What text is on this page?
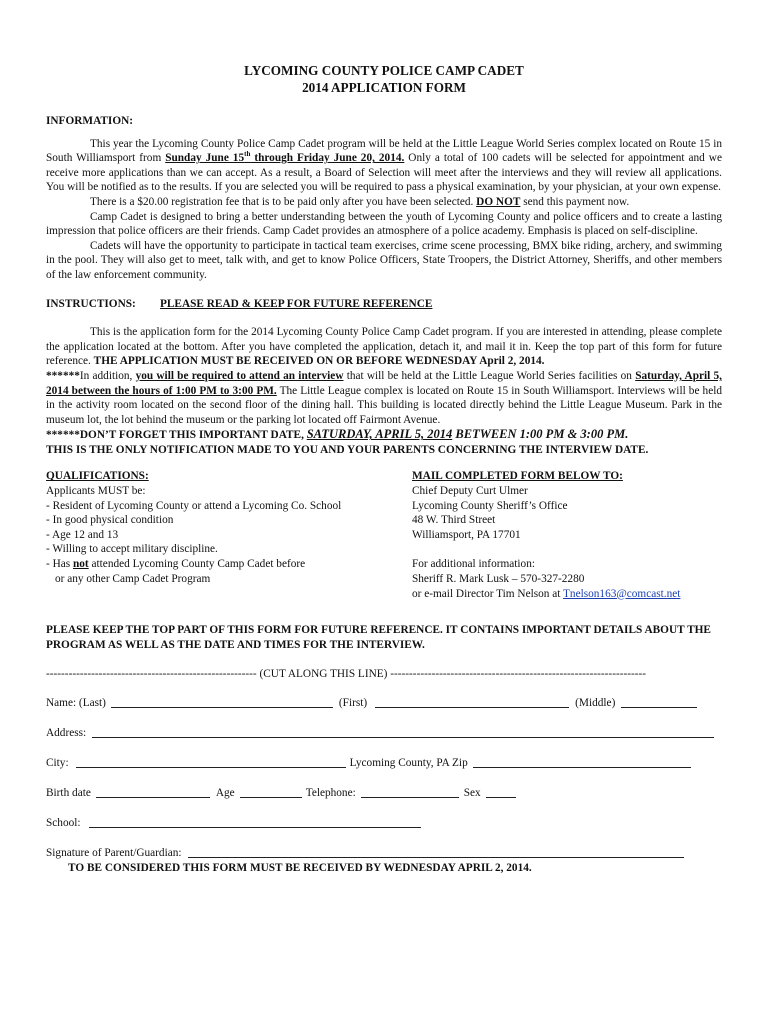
LYCOMING COUNTY POLICE CAMP CADET
2014 APPLICATION FORM
INFORMATION:

This year the Lycoming County Police Camp Cadet program will be held at the Little League World Series complex located on Route 15 in South Williamsport from Sunday June 15th through Friday June 20, 2014. Only a total of 100 cadets will be selected for appointment and we receive more applications than we can accept. As a result, a Board of Selection will meet after the interviews and they will review all applications. You will be notified as to the results. If you are selected you will be required to pass a physical examination, by your physician, at your own expense.

There is a $20.00 registration fee that is to be paid only after you have been selected. DO NOT send this payment now.

Camp Cadet is designed to bring a better understanding between the youth of Lycoming County and police officers and to create a lasting impression that police officers are their friends. Camp Cadet provides an atmosphere of a police academy. Emphasis is placed on self-discipline.

Cadets will have the opportunity to participate in tactical team exercises, crime scene processing, BMX bike riding, archery, and swimming in the pool. They will also get to meet, talk with, and get to know Police Officers, State Troopers, the District Attorney, Sheriffs, and other members of the law enforcement community.

INSTRUCTIONS:	PLEASE READ & KEEP FOR FUTURE REFERENCE

This is the application form for the 2014 Lycoming County Police Camp Cadet program. If you are interested in attending, please complete the application located at the bottom. After you have completed the application, detach it, and mail it in. Keep the top part of this form for future reference. THE APPLICATION MUST BE RECEIVED ON OR BEFORE WEDNESDAY April 2, 2014.

******In addition, you will be required to attend an interview that will be held at the Little League World Series facilities on Saturday, April 5, 2014 between the hours of 1:00 PM to 3:00 PM. The Little League complex is located on Route 15 in South Williamsport. Interviews will be held in the activity room located on the second floor of the dining hall. This building is located directly behind the Little League Museum. Park in the museum lot, the lot behind the museum or the parking lot located off Fairmont Avenue.

******DON’T FORGET THIS IMPORTANT DATE, SATURDAY, APRIL 5, 2014 BETWEEN 1:00 PM & 3:00 PM.

THIS IS THE ONLY NOTIFICATION MADE TO YOU AND YOUR PARENTS CONCERNING THE INTERVIEW DATE.

QUALIFICATIONS:
Applicants MUST be:
- Resident of Lycoming County or attend a Lycoming Co. School
- In good physical condition
- Age 12 and 13
- Willing to accept military discipline.
- Has not attended Lycoming County Camp Cadet before
or any other Camp Cadet Program
MAIL COMPLETED FORM BELOW TO:
Chief Deputy Curt Ulmer
Lycoming County Sheriff’s Office
48 W. Third Street
Williamsport, PA 17701
For additional information:
Sheriff R. Mark Lusk – 570-327-2280
or e-mail Director Tim Nelson at Tnelson163@comcast.net

PLEASE KEEP THE TOP PART OF THIS FORM FOR FUTURE REFERENCE. IT CONTAINS IMPORTANT DETAILS ABOUT THE PROGRAM AS WELL AS THE DATE AND TIMES FOR THE INTERVIEW.

-------------------------------------------------------- (CUT ALONG THIS LINE) --------------------------------------------------------------------
Name: (Last)	(First)	(Middle)
Address:
City:	Lycoming County, PA Zip
Birth date	Age	Telephone:	Sex
School:
Signature of Parent/Guardian:
TO BE CONSIDERED THIS FORM MUST BE RECEIVED BY WEDNESDAY APRIL 2, 2014.
